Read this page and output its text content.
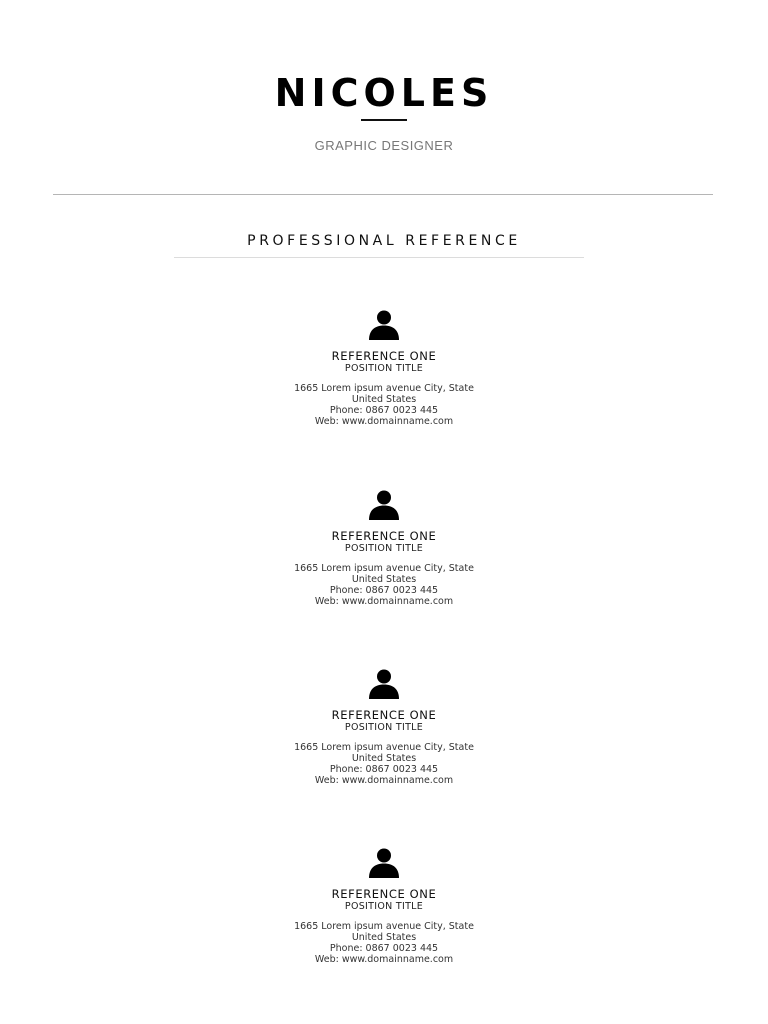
NICOLES
GRAPHIC DESIGNER
PROFESSIONAL REFERENCE
REFERENCE ONE
POSITION TITLE
1665 Lorem ipsum avenue City, State
United States
Phone: 0867 0023 445
Web: www.domainname.com
REFERENCE ONE
POSITION TITLE
1665 Lorem ipsum avenue City, State
United States
Phone: 0867 0023 445
Web: www.domainname.com
REFERENCE ONE
POSITION TITLE
1665 Lorem ipsum avenue City, State
United States
Phone: 0867 0023 445
Web: www.domainname.com
REFERENCE ONE
POSITION TITLE
1665 Lorem ipsum avenue City, State
United States
Phone: 0867 0023 445
Web: www.domainname.com
